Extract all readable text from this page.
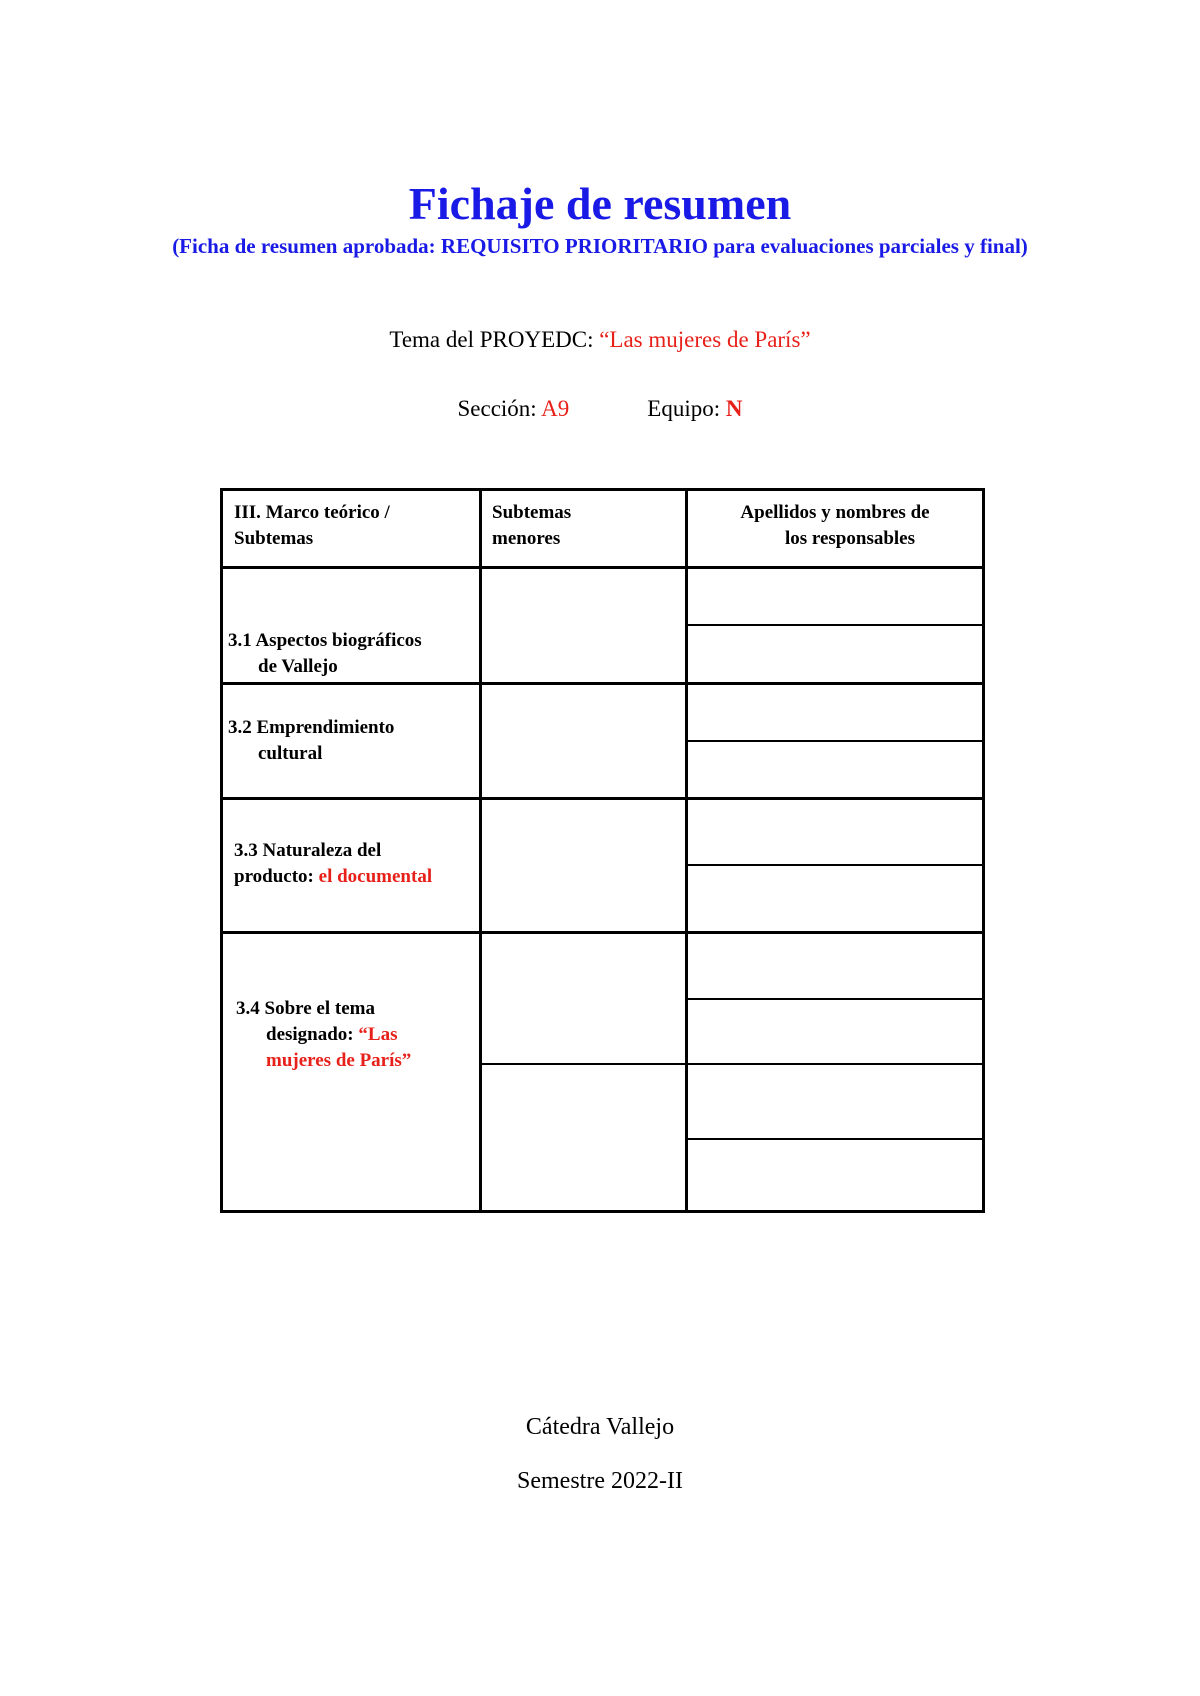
Fichaje de resumen
(Ficha de resumen aprobada: REQUISITO PRIORITARIO para evaluaciones parciales y final)
Tema del PROYEDC: “Las mujeres de París”
Sección: A9	Equipo: N
III. Marco teórico /
Subtemas
Subtemas
menores
Apellidos y nombres de
los responsables
3.1 Aspectos biográficos

de Vallejo
3.2 Emprendimiento

cultural
3.3 Naturaleza del
producto: el documental
3.4 Sobre el tema
designado: “Las
mujeres de París”
Cátedra Vallejo
Semestre 2022-II
